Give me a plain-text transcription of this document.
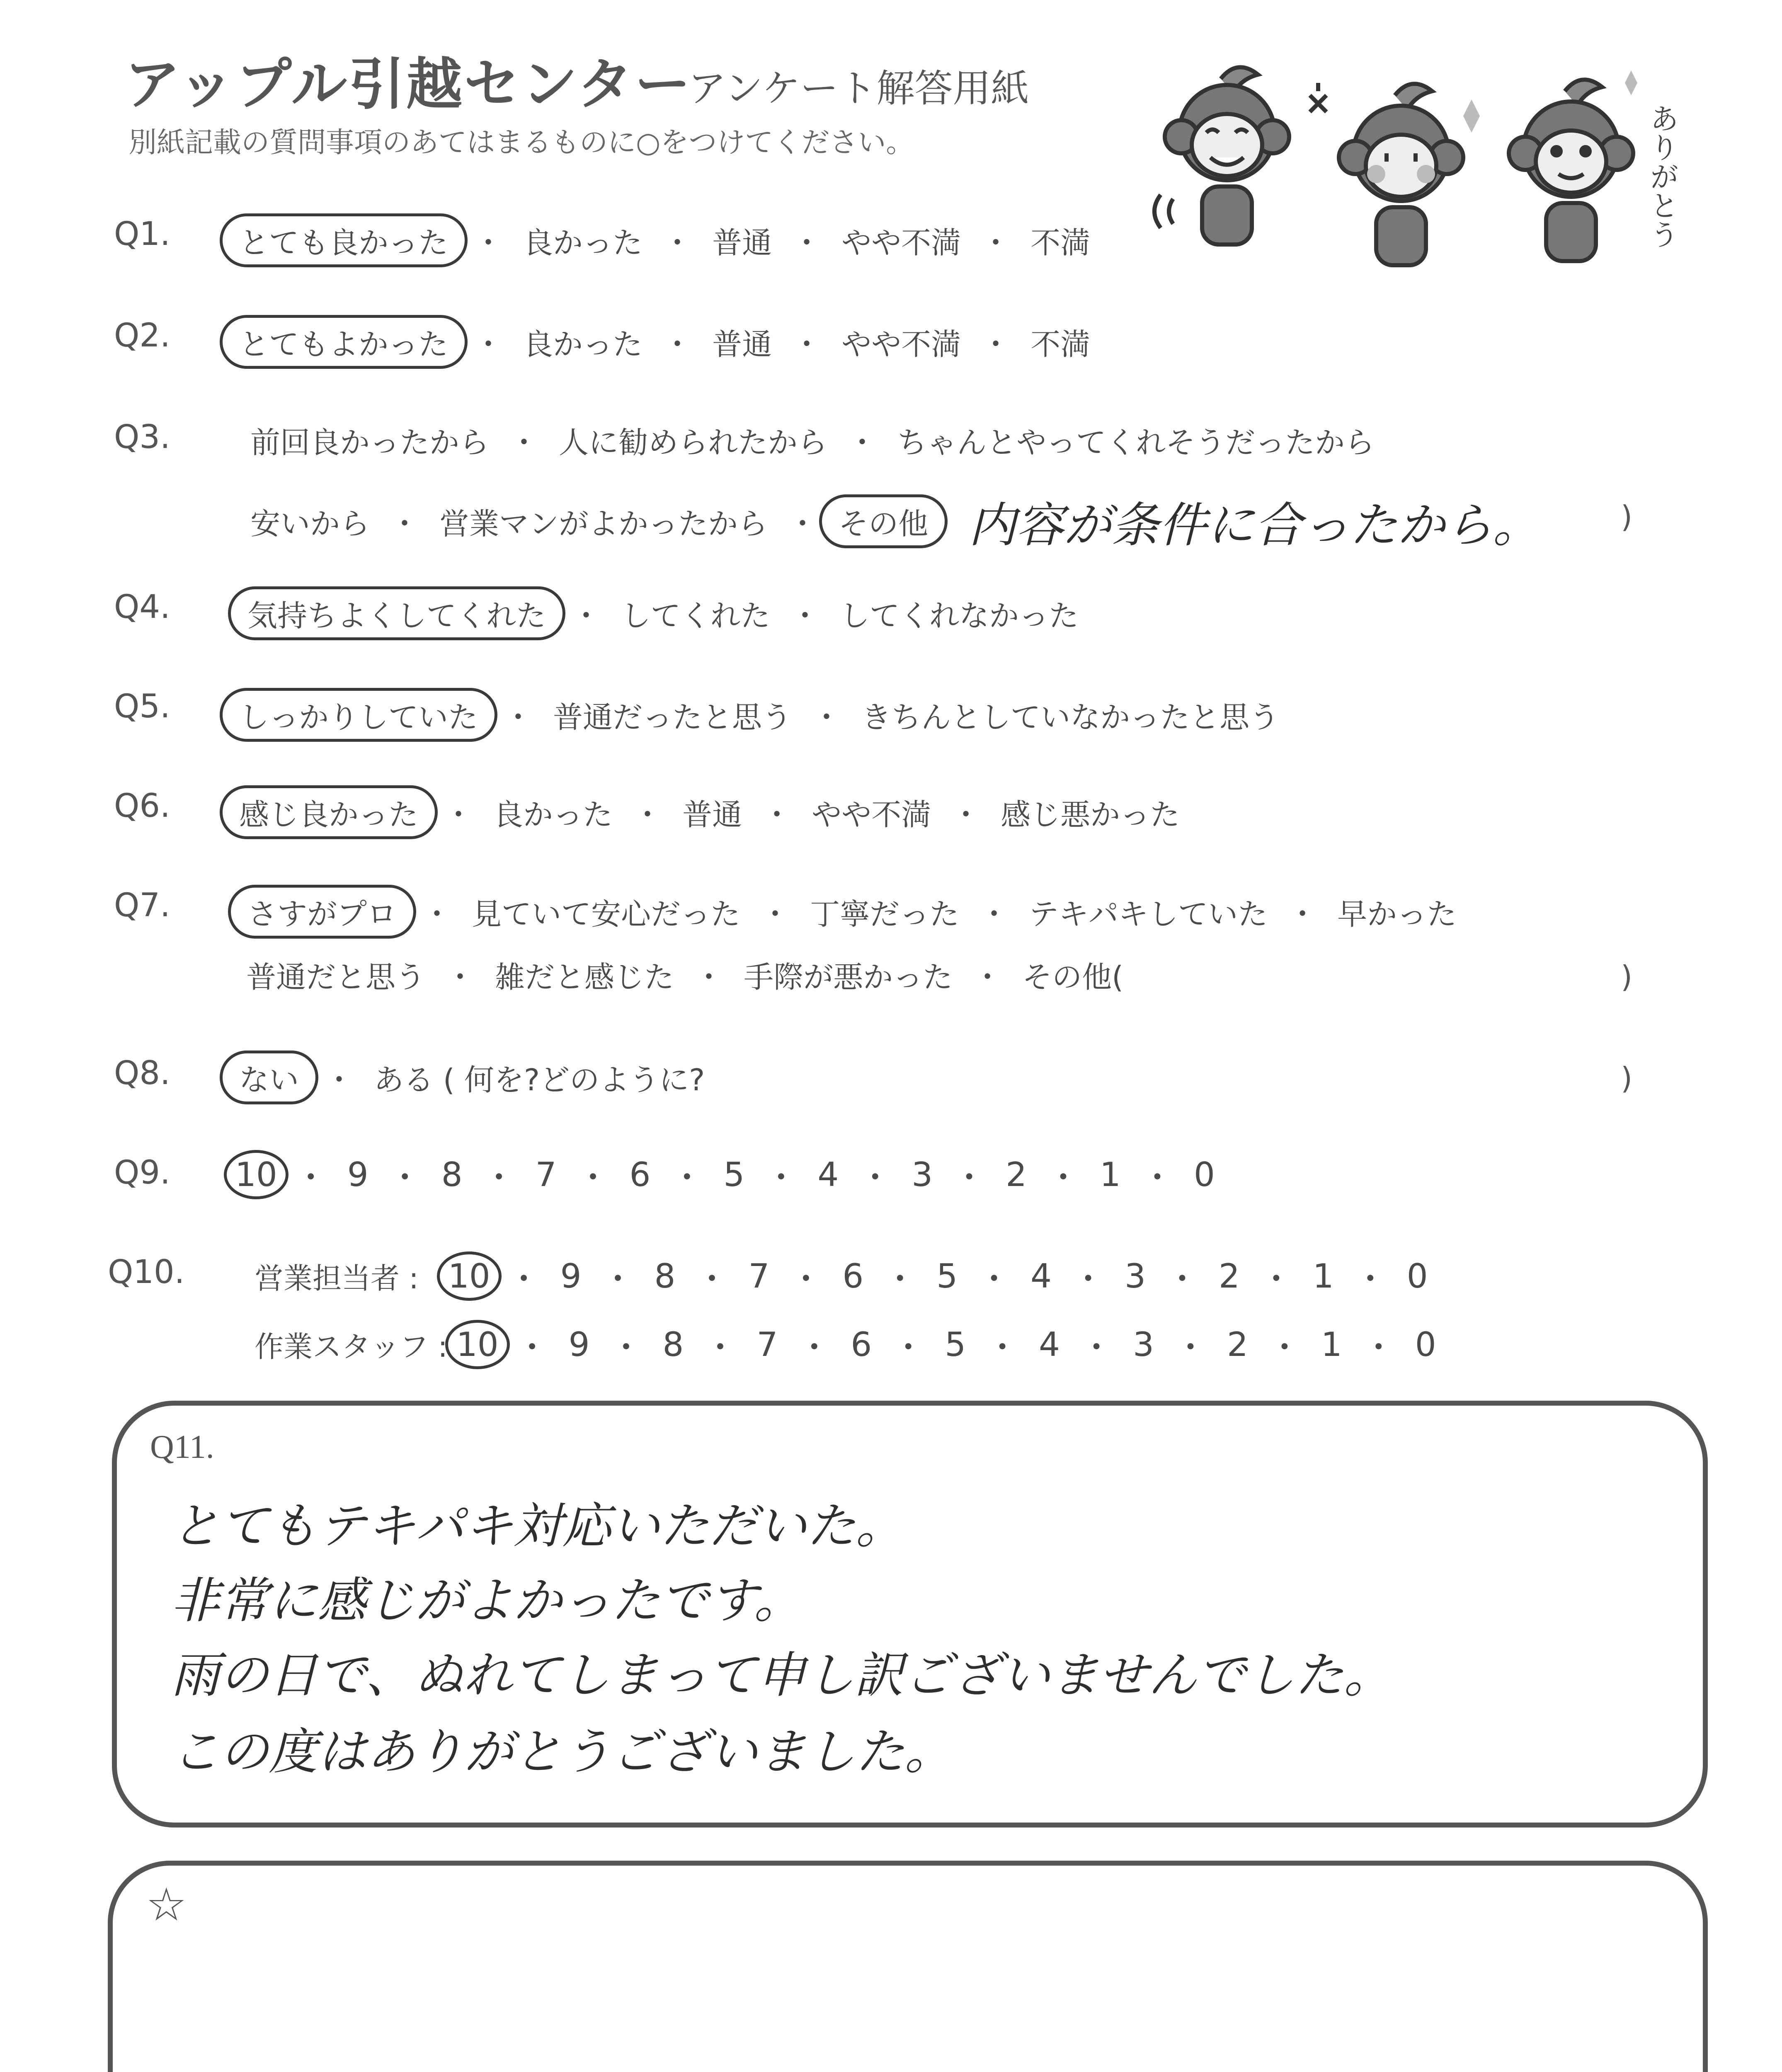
アップル引越センター
アンケート解答用紙
別紙記載の質問事項のあてはまるものに○をつけてください。	ありがとう
Q1.	とても良かった ・ 良かった ・ 普通 ・ やや不満 ・ 不満
Q2.	とてもよかった ・ 良かった ・ 普通 ・ やや不満 ・ 不満
Q3.	前回良かったから ・ 人に勧められたから ・ ちゃんとやってくれそうだったから
安いから ・ 営業マンがよかったから ・ その他 内容が条件に合ったから。	)
Q4.	気持ちよくしてくれた ・ してくれた ・ してくれなかった
Q5.	しっかりしていた ・ 普通だったと思う ・ きちんとしていなかったと思う
Q6.	感じ良かった ・ 良かった ・ 普通 ・ やや不満 ・ 感じ悪かった
Q7.	さすがプロ ・ 見ていて安心だった ・ 丁寧だった ・ テキパキしていた ・ 早かった
普通だと思う ・ 雑だと感じた ・ 手際が悪かった ・ その他(	)
Q8.	ない ・ ある ( 何を?どのように?	)
Q9.	10 ・ 9 ・ 8 ・ 7 ・ 6 ・ 5 ・ 4 ・ 3 ・ 2 ・ 1 ・ 0
Q10. 営業担当者 : 10 ・ 9 ・ 8 ・ 7 ・ 6 ・ 5 ・ 4 ・ 3 ・ 2 ・ 1 ・ 0
作業スタッフ : 10 ・ 9 ・ 8 ・ 7 ・ 6 ・ 5 ・ 4 ・ 3 ・ 2 ・ 1 ・ 0
Q11.
とてもテキパキ対応いただいた。
非常に感じがよかったです。
雨の日で、ぬれてしまって申し訳ございませんでした。
この度はありがとうございました。
☆
